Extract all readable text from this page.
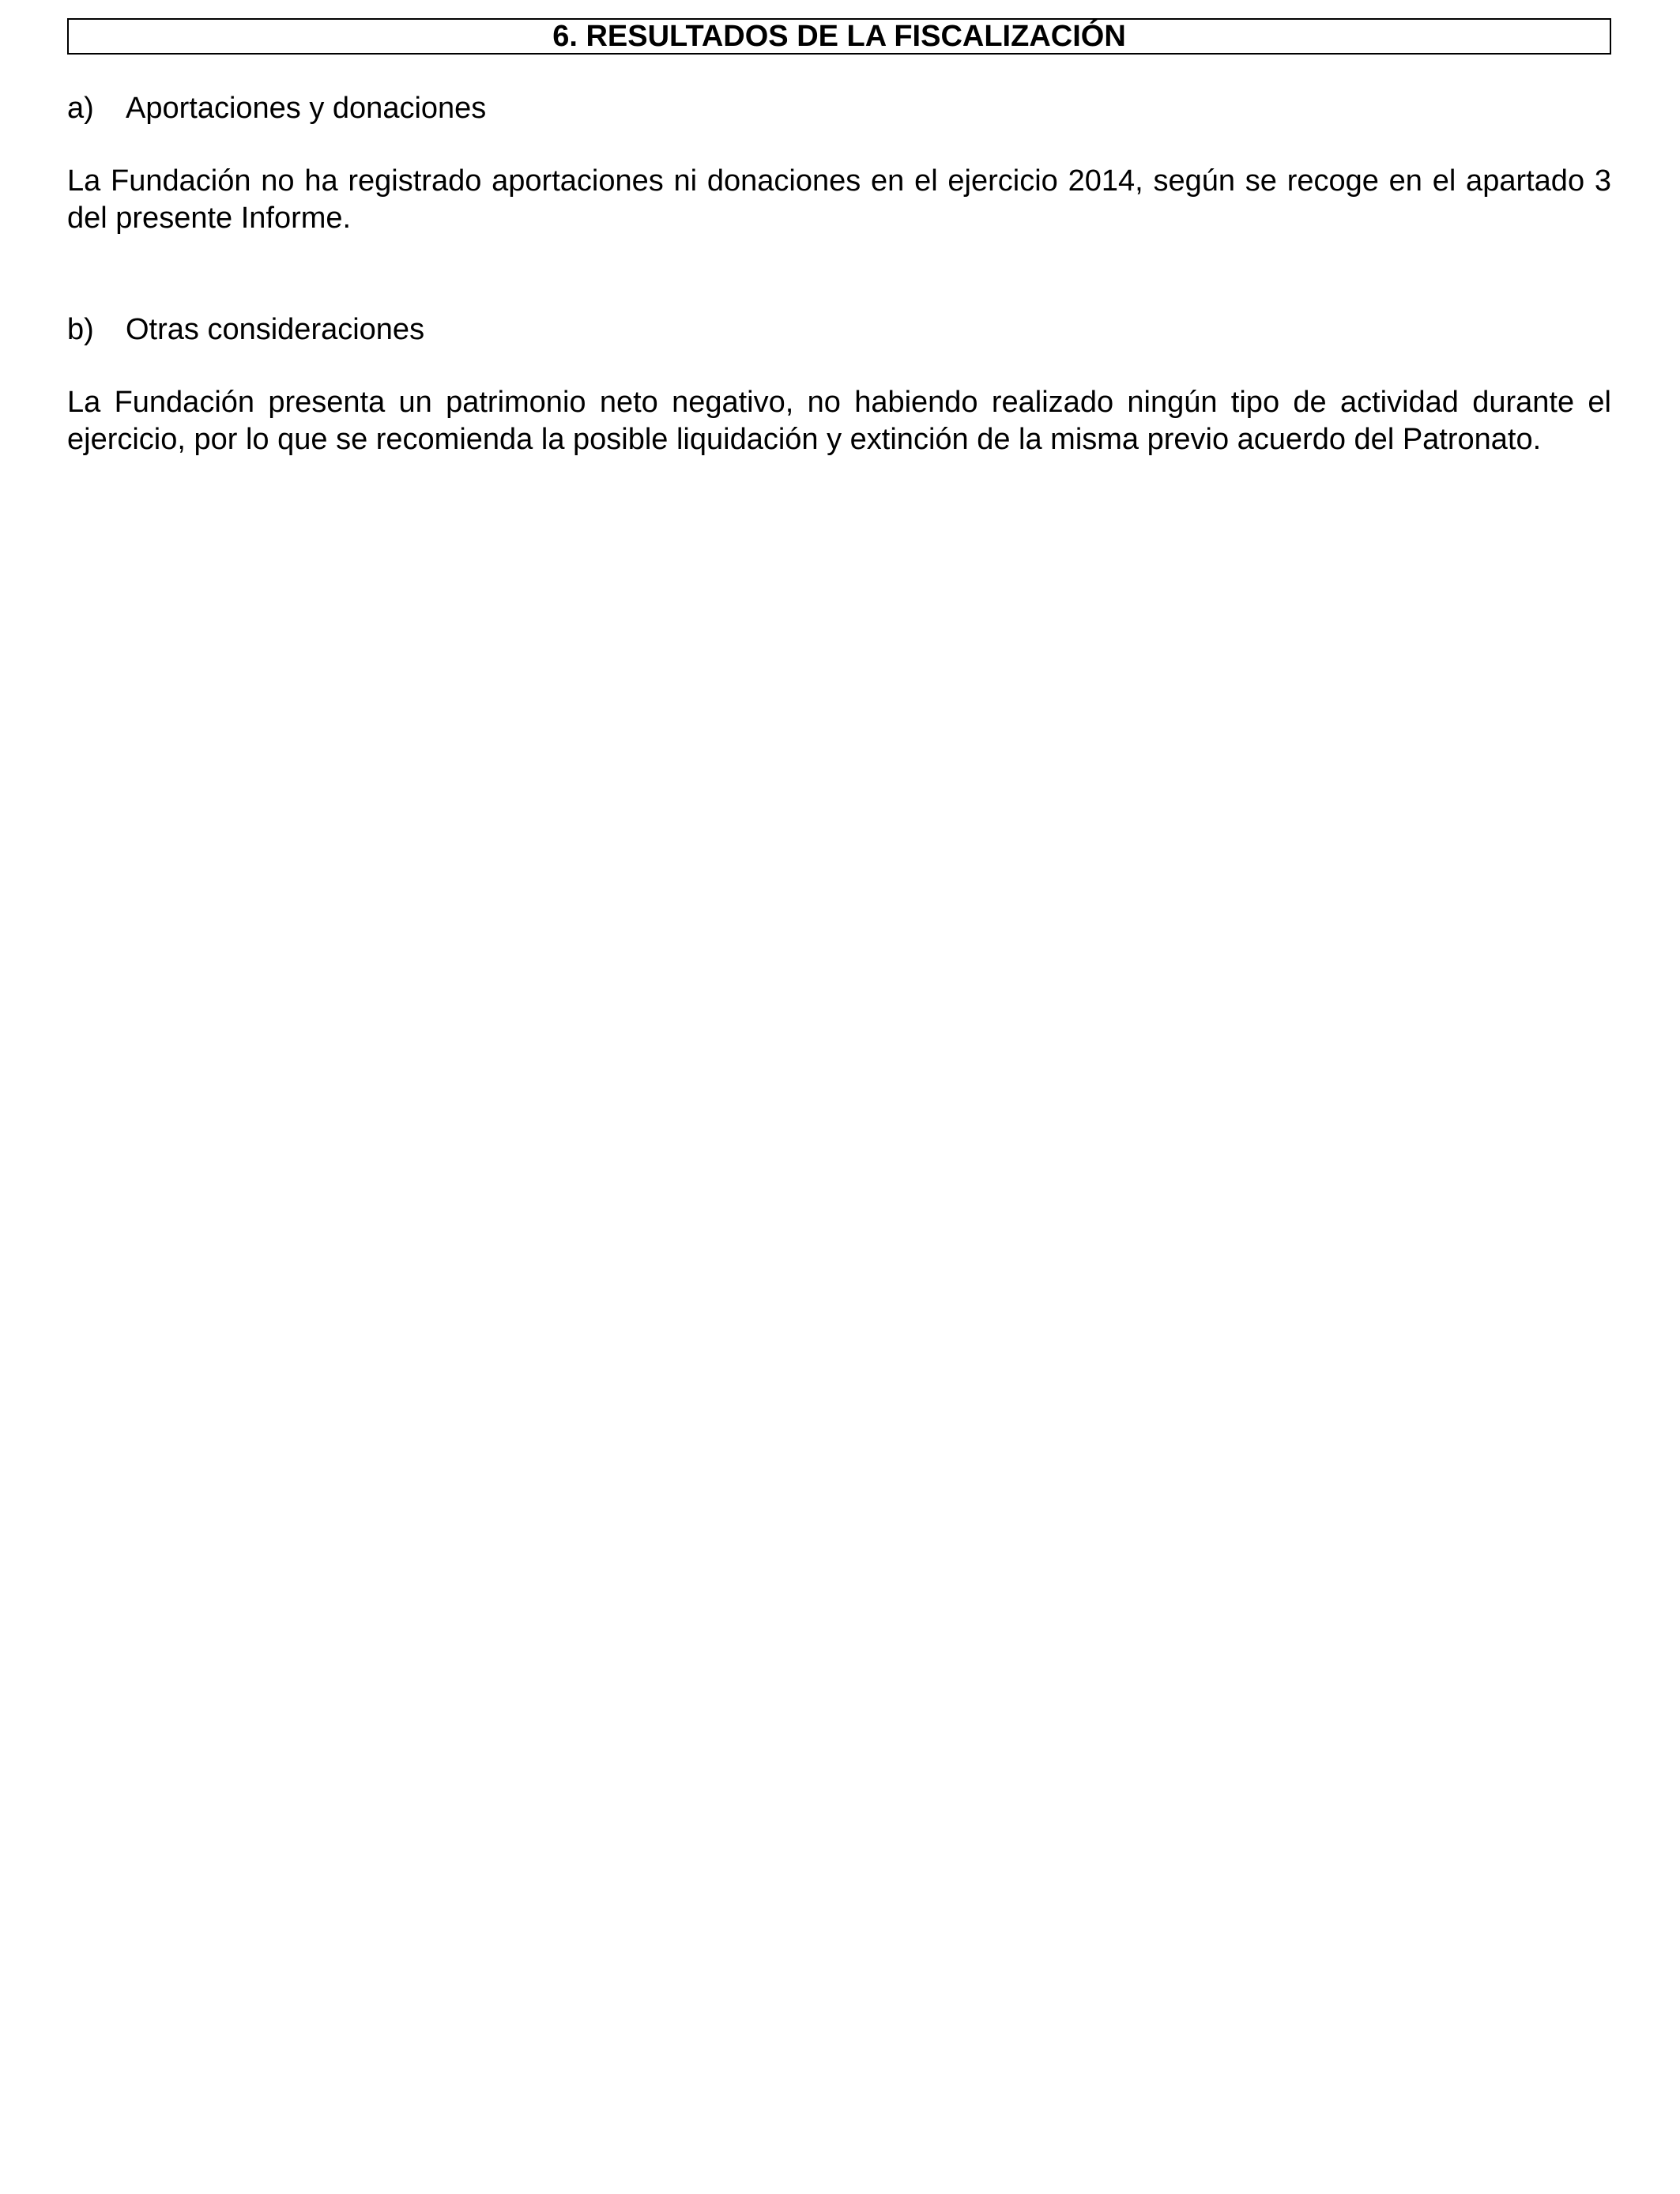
6. RESULTADOS DE LA FISCALIZACIÓN
a)	Aportaciones y donaciones

La Fundación no ha registrado aportaciones ni donaciones en el ejercicio 2014, según se recoge en el apartado 3 del presente Informe.

b)	Otras consideraciones

La Fundación presenta un patrimonio neto negativo, no habiendo realizado ningún tipo de actividad durante el ejercicio, por lo que se recomienda la posible liquidación y extinción de la misma previo acuerdo del Patronato.
